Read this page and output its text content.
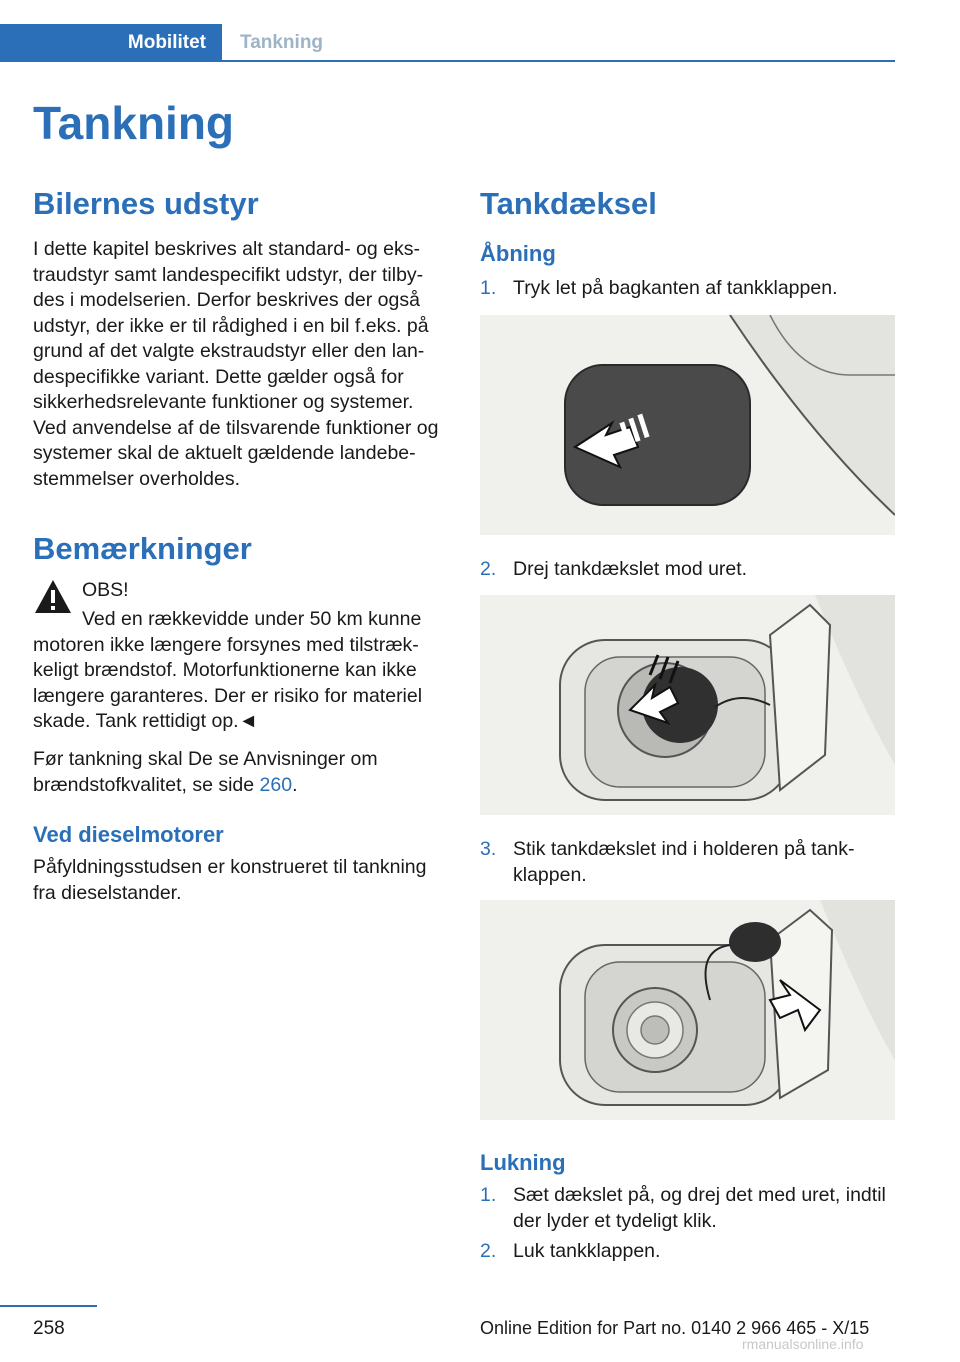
Mobilitet	Tankning
Tankning
Bilernes udstyr

I dette kapitel beskrives alt standard- og eks-traudstyr samt landespecifikt udstyr, der tilby-des i modelserien. Derfor beskrives der også udstyr, der ikke er til rådighed i en bil f.eks. på grund af det valgte ekstraudstyr eller den lan-despecifikke variant. Dette gælder også for sikkerhedsrelevante funktioner og systemer. Ved anvendelse af de tilsvarende funktioner og systemer skal de aktuelt gældende landebe-stemmelser overholdes.

Bemærkninger

OBS!

Ved en rækkevidde under 50 km kunne motoren ikke længere forsynes med tilstræk-keligt brændstof. Motorfunktionerne kan ikke længere garanteres. Der er risiko for materiel skade. Tank rettidigt op.◄

Før tankning skal De se Anvisninger om brændstofkvalitet, se side 260.

Ved dieselmotorer

Påfyldningsstudsen er konstrueret til tankning fra dieselstander.

Tankdæksel
Åbning
1. Tryk let på bagkanten af tankklappen.
2. Drej tankdækslet mod uret.
3. Stik tankdækslet ind i holderen på tank-klappen.
Lukning
1. Sæt dækslet på, og drej det med uret, indtil der lyder et tydeligt klik.
2. Luk tankklappen.
258	Online Edition for Part no. 0140 2 966 465 - X/15
rmanualsonline.info
